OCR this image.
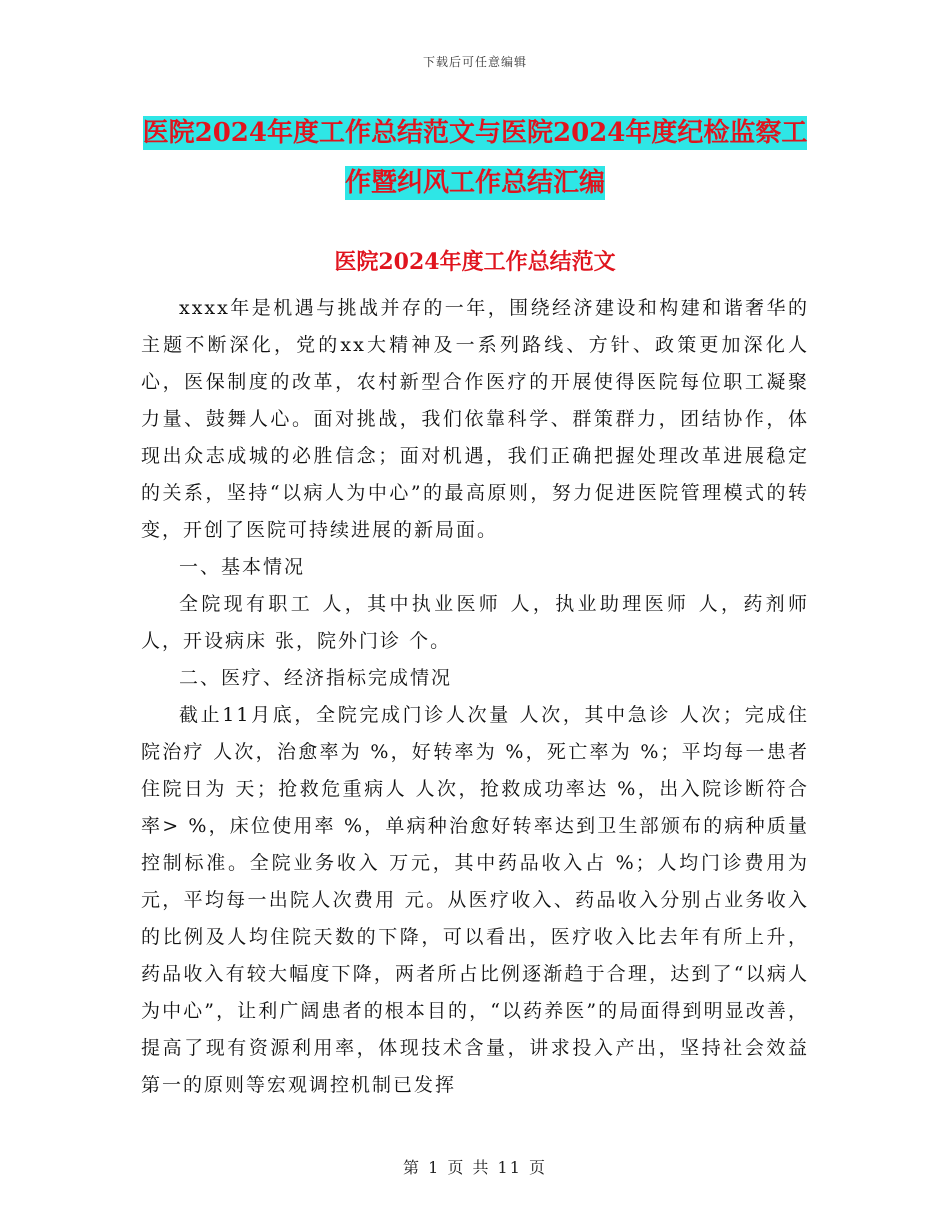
下载后可任意编辑
医院2024年度工作总结范文与医院2024年度纪检监察工作暨纠风工作总结汇编
医院2024年度工作总结范文

xxxx年是机遇与挑战并存的一年，围绕经济建设和构建和谐奢华的主题不断深化，党的xx大精神及一系列路线、方针、政策更加深化人心，医保制度的改革，农村新型合作医疗的开展使得医院每位职工凝聚力量、鼓舞人心。面对挑战，我们依靠科学、群策群力，团结协作，体现出众志成城的必胜信念；面对机遇，我们正确把握处理改革进展稳定的关系，坚持“以病人为中心”的最高原则，努力促进医院管理模式的转变，开创了医院可持续进展的新局面。

一、基本情况

全院现有职工 人，其中执业医师 人，执业助理医师 人，药剂师 人，开设病床 张，院外门诊 个。

二、医疗、经济指标完成情况

截止11月底，全院完成门诊人次量 人次，其中急诊 人次；完成住院治疗 人次，治愈率为 %，好转率为 %，死亡率为 %；平均每一患者住院日为 天；抢救危重病人 人次，抢救成功率达 %，出入院诊断符合率> %，床位使用率 %，单病种治愈好转率达到卫生部颁布的病种质量控制标准。全院业务收入 万元，其中药品收入占 %；人均门诊费用为 元，平均每一出院人次费用 元。从医疗收入、药品收入分别占业务收入的比例及人均住院天数的下降，可以看出，医疗收入比去年有所上升，药品收入有较大幅度下降，两者所占比例逐渐趋于合理，达到了“以病人为中心”，让利广阔患者的根本目的，“以药养医”的局面得到明显改善，提高了现有资源利用率，体现技术含量，讲求投入产出，坚持社会效益第一的原则等宏观调控机制已发挥

第 1 页 共 11 页
